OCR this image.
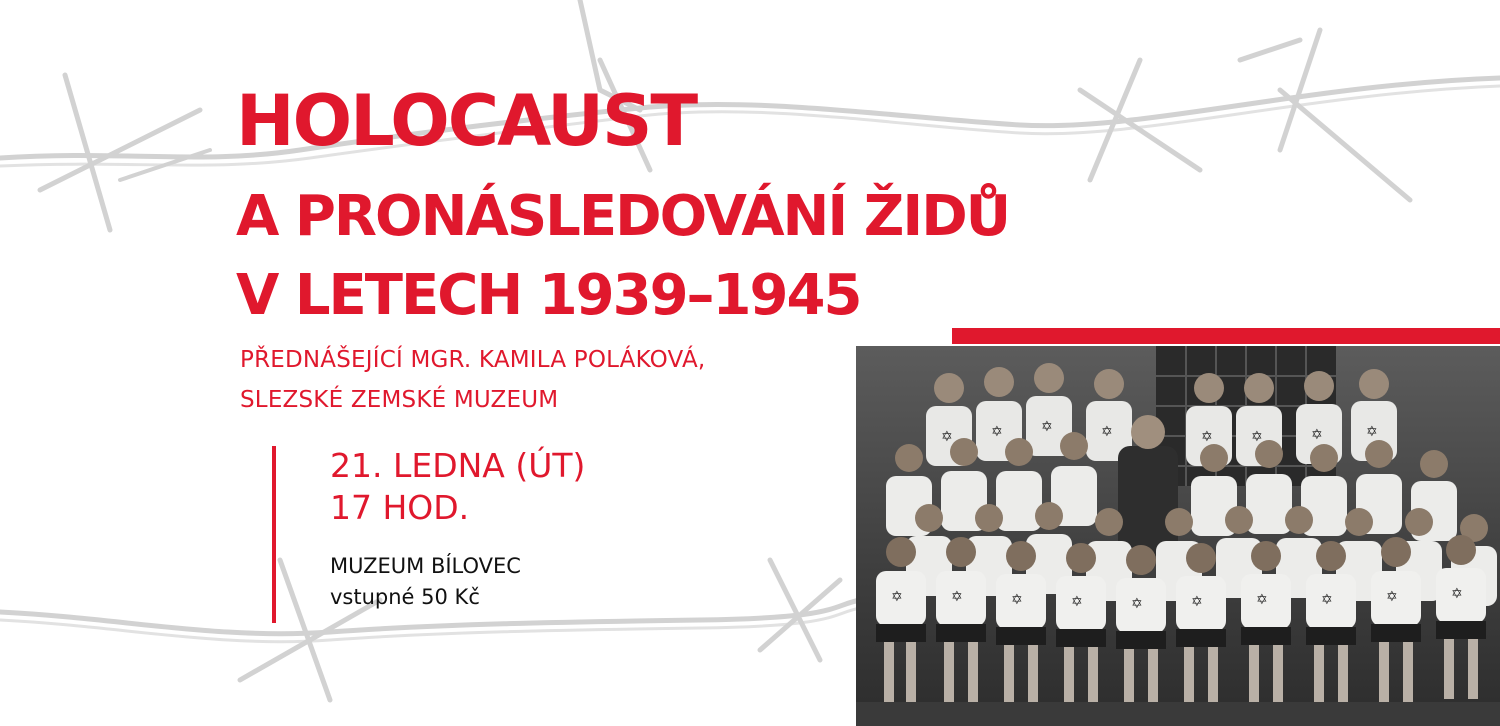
HOLOCAUST
A PRONÁSLEDOVÁNÍ ŽIDŮ
V LETECH 1939–1945
✡	✡	✡	✡	✡	✡	✡	✡
✡	✡	✡	✡	✡	✡	✡	✡	✡	✡

PŘEDNÁŠEJÍCÍ MGR. KAMILA POLÁKOVÁ,

SLEZSKÉ ZEMSKÉ MUZEUM

21. LEDNA (ÚT)

17 HOD.

MUZEUM BÍLOVEC
vstupné 50 Kč
